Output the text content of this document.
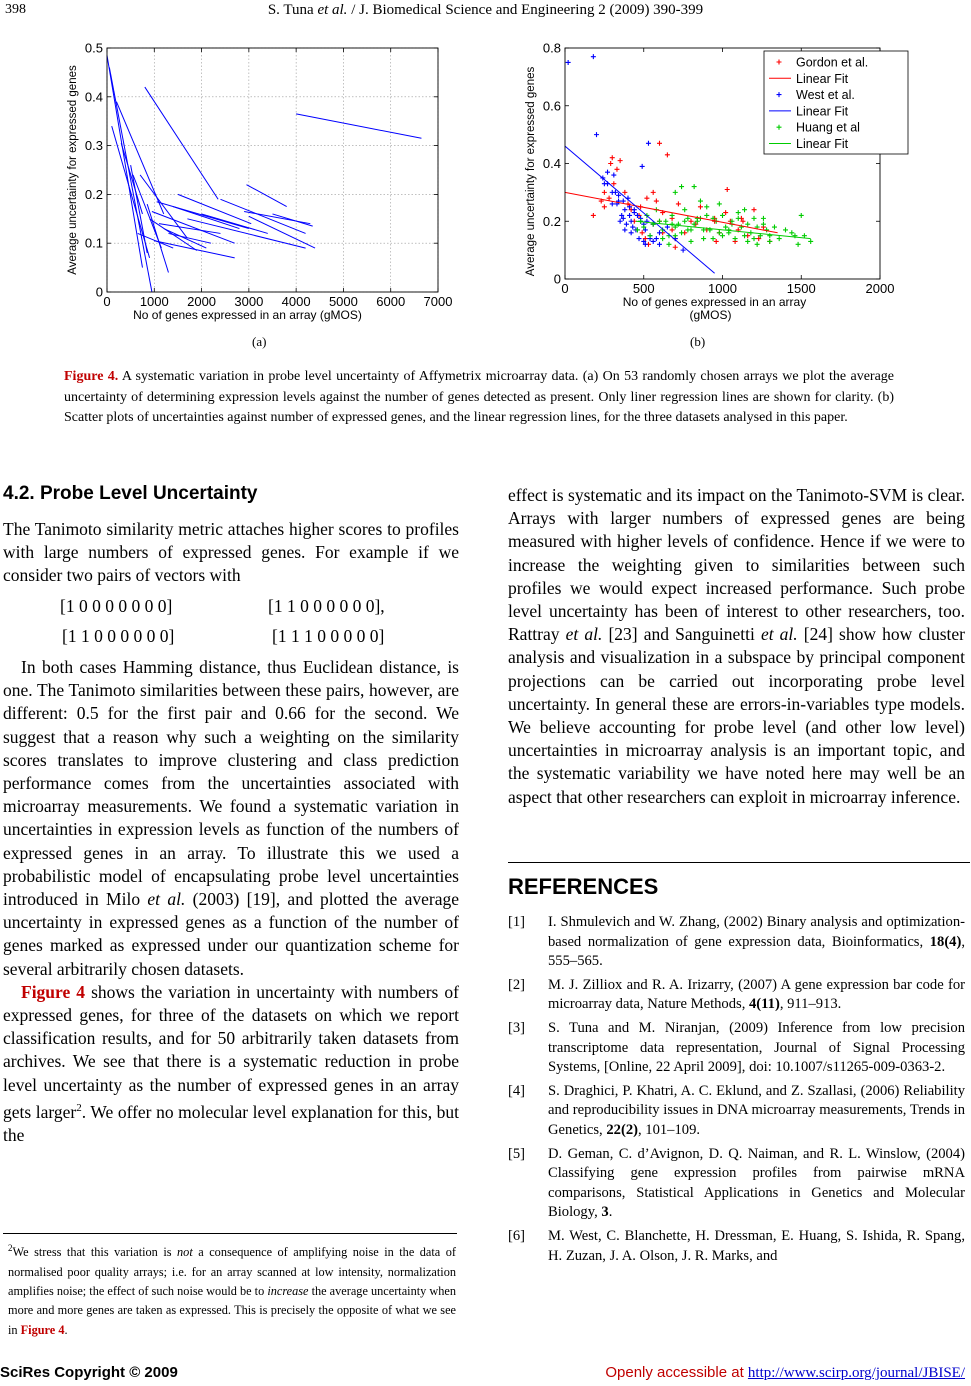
398	S. Tuna et al. / J. Biomedical Science and Engineering 2 (2009) 390-399
0 1000 2000 3000 4000 5000 6000 7000
0
0.1
0.2
0.3
0.4
0.5
No of genes expressed in an array (gMOS)
Average uncertainty for expressed genes
0	500	1000	1500	2000
0
0.2
0.4
0.6
0.8
No of genes expressed in an array
(gMOS)
Average uncertainty for expressed genes
Gordon et al.
Linear Fit
West et al.
Linear Fit
Huang et al
Linear Fit
(a)	(b)
Figure 4. A systematic variation in probe level uncertainty of Affymetrix microarray data. (a) On 53 randomly chosen arrays we plot the average uncertainty of determining expression levels against the number of genes detected as present. Only liner regression lines are shown for clarity. (b) Scatter plots of uncertainties against number of expressed genes, and the linear regression lines, for the three datasets analysed in this paper.
4.2. Probe Level Uncertainty

The Tanimoto similarity metric attaches higher scores to profiles with large numbers of expressed genes. For example if we consider two pairs of vectors with

[1 0 0 0 0 0 0 0]	[1 1 0 0 0 0 0 0],
[1 1 0 0 0 0 0 0]	[1 1 1 0 0 0 0 0]

In both cases Hamming distance, thus Euclidean distance, is one. The Tanimoto similarities between these pairs, however, are different: 0.5 for the first pair and 0.66 for the second. We suggest that a reason why such a weighting on the similarity scores translates to improve clustering and class prediction performance comes from the uncertainties associated with microarray measurements. We found a systematic variation in uncertainties in expression levels as function of the numbers of expressed genes in an array. To illustrate this we used a probabilistic model of encapsulating probe level uncertainties introduced in Milo et al. (2003) [19], and plotted the average uncertainty in expressed genes as a function of the number of genes marked as expressed under our quantization scheme for several arbitrarily chosen datasets.

Figure 4 shows the variation in uncertainty with numbers of expressed genes, for three of the datasets on which we report classification results, and for 50 arbitrarily taken datasets from archives. We see that there is a systematic reduction in probe level uncertainty as the number of expressed genes in an array gets larger$^2$. We offer no molecular level explanation for this, but the

$^2$We stress that this variation is not a consequence of amplifying noise in the data of normalised poor quality arrays; i.e. for an array scanned at low intensity, normalization amplifies noise; the effect of such noise would be to increase the average uncertainty when more and more genes are taken as expressed. This is precisely the opposite of what we see in Figure 4.

effect is systematic and its impact on the Tanimoto-SVM is clear. Arrays with larger numbers of expressed genes are being measured with higher levels of confidence. Hence if we were to increase the weighting given to similarities between such profiles we would expect increased performance. Such probe level uncertainty has been of interest to other researchers, too. Rattray et al. [23] and Sanguinetti et al. [24] show how cluster analysis and visualization in a subspace by principal component projections can be carried out incorporating probe level uncertainty. In general these are errors-in-variables type models. We believe accounting for probe level (and other low level) uncertainties in microarray analysis is an important topic, and the systematic variability we have noted here may well be an aspect that other researchers can exploit in microarray inference.

REFERENCES
[1] I. Shmulevich and W. Zhang, (2002) Binary analysis and optimization-based normalization of gene expression data, Bioinformatics, 18(4), 555–565.
[2] M. J. Zilliox and R. A. Irizarry, (2007) A gene expression bar code for microarray data, Nature Methods, 4(11), 911–913.
[3] S. Tuna and M. Niranjan, (2009) Inference from low precision transcriptome data representation, Journal of Signal Processing Systems, [Online, 22 April 2009], doi: 10.1007/s11265-009-0363-2.
[4] S. Draghici, P. Khatri, A. C. Eklund, and Z. Szallasi, (2006) Reliability and reproducibility issues in DNA microarray measurements, Trends in Genetics, 22(2), 101–109.
[5] D. Geman, C. d’Avignon, D. Q. Naiman, and R. L. Winslow, (2004) Classifying gene expression profiles from pairwise mRNA comparisons, Statistical Applications in Genetics and Molecular Biology, 3.
[6] M. West, C. Blanchette, H. Dressman, E. Huang, S. Ishida, R. Spang, H. Zuzan, J. A. Olson, J. R. Marks, and
SciRes Copyright © 2009	Openly accessible at http://www.scirp.org/journal/JBISE/
